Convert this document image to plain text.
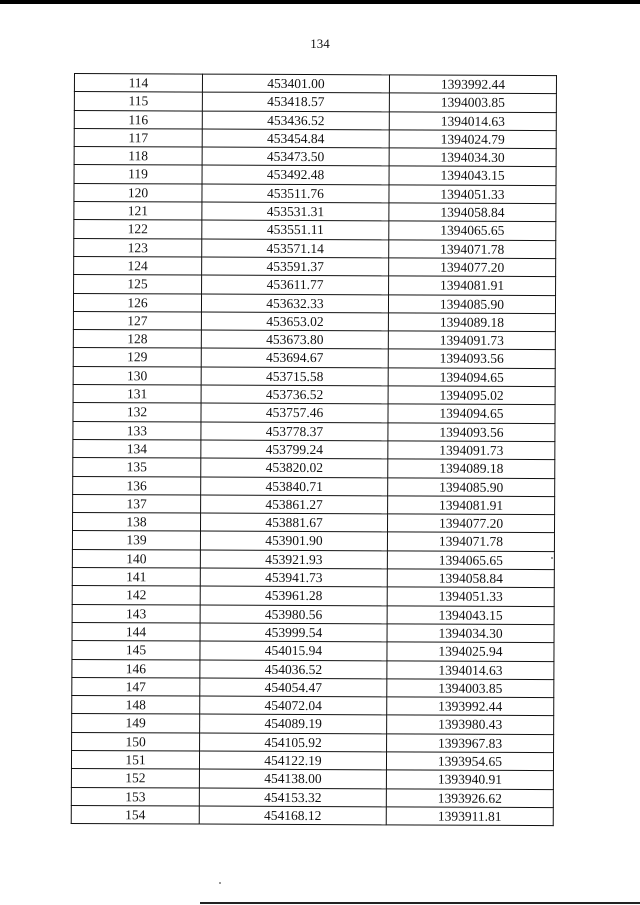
134
114	453401.00	1393992.44
115	453418.57	1394003.85
116	453436.52	1394014.63
117	453454.84	1394024.79
118	453473.50	1394034.30
119	453492.48	1394043.15
120	453511.76	1394051.33
121	453531.31	1394058.84
122	453551.11	1394065.65
123	453571.14	1394071.78
124	453591.37	1394077.20
125	453611.77	1394081.91
126	453632.33	1394085.90
127	453653.02	1394089.18
128	453673.80	1394091.73
129	453694.67	1394093.56
130	453715.58	1394094.65
131	453736.52	1394095.02
132	453757.46	1394094.65
133	453778.37	1394093.56
134	453799.24	1394091.73
135	453820.02	1394089.18
136	453840.71	1394085.90
137	453861.27	1394081.91
138	453881.67	1394077.20
139	453901.90	1394071.78
140	453921.93	1394065.65
141	453941.73	1394058.84
142	453961.28	1394051.33
143	453980.56	1394043.15
144	453999.54	1394034.30
145	454015.94	1394025.94
146	454036.52	1394014.63
147	454054.47	1394003.85
148	454072.04	1393992.44
149	454089.19	1393980.43
150	454105.92	1393967.83
151	454122.19	1393954.65
152	454138.00	1393940.91
153	454153.32	1393926.62
154	454168.12	1393911.81
